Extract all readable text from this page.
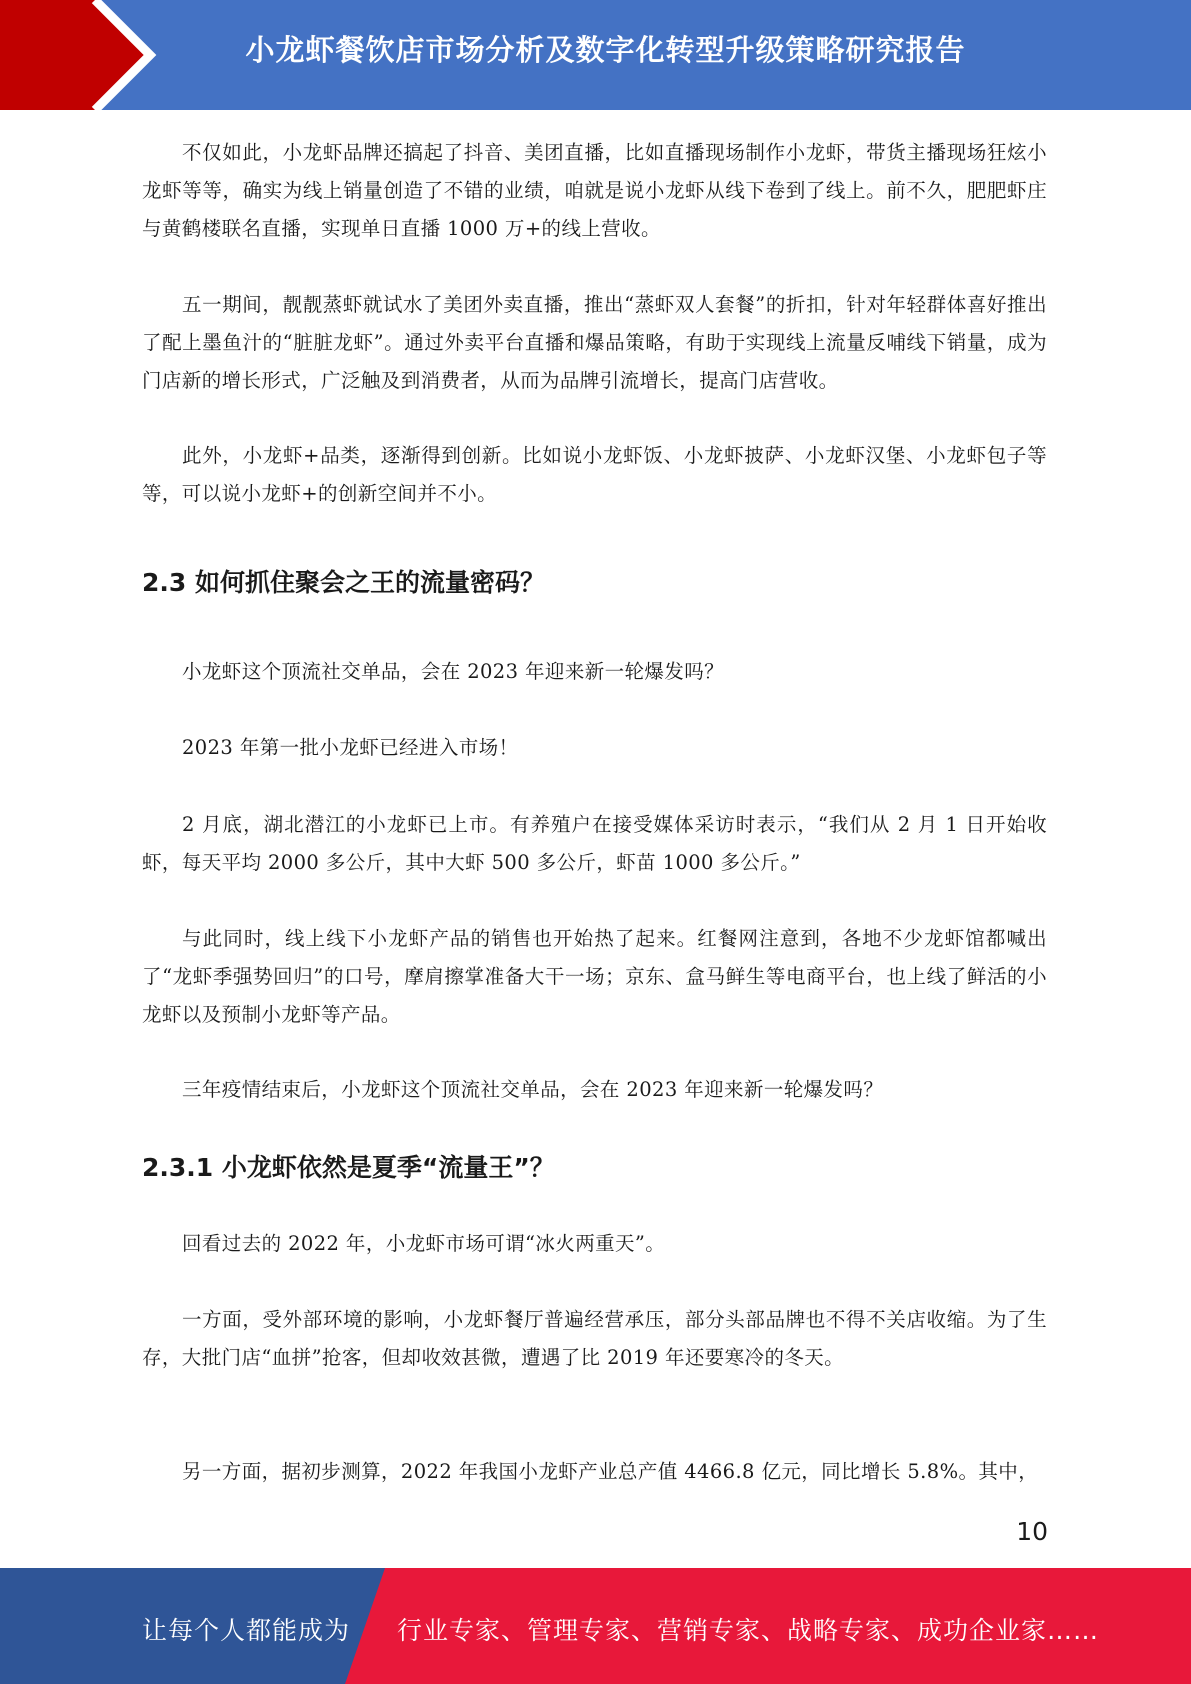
小龙虾餐饮店市场分析及数字化转型升级策略研究报告

不仅如此，小龙虾品牌还搞起了抖音、美团直播，比如直播现场制作小龙虾，带货主播现场狂炫小龙虾等等，确实为线上销量创造了不错的业绩，咱就是说小龙虾从线下卷到了线上。前不久，肥肥虾庄与黄鹤楼联名直播，实现单日直播 1000 万+的线上营收。

五一期间，靓靓蒸虾就试水了美团外卖直播，推出“蒸虾双人套餐”的折扣，针对年轻群体喜好推出了配上墨鱼汁的“脏脏龙虾”。通过外卖平台直播和爆品策略，有助于实现线上流量反哺线下销量，成为门店新的增长形式，广泛触及到消费者，从而为品牌引流增长，提高门店营收。

此外，小龙虾+品类，逐渐得到创新。比如说小龙虾饭、小龙虾披萨、小龙虾汉堡、小龙虾包子等等，可以说小龙虾+的创新空间并不小。

2.3 如何抓住聚会之王的流量密码？

小龙虾这个顶流社交单品，会在 2023 年迎来新一轮爆发吗？

2023 年第一批小龙虾已经进入市场！

2 月底，湖北潜江的小龙虾已上市。有养殖户在接受媒体采访时表示，“我们从 2 月 1 日开始收虾，每天平均 2000 多公斤，其中大虾 500 多公斤，虾苗 1000 多公斤。”

与此同时，线上线下小龙虾产品的销售也开始热了起来。红餐网注意到，各地不少龙虾馆都喊出了“龙虾季强势回归”的口号，摩肩擦掌准备大干一场；京东、盒马鲜生等电商平台，也上线了鲜活的小龙虾以及预制小龙虾等产品。

三年疫情结束后，小龙虾这个顶流社交单品，会在 2023 年迎来新一轮爆发吗？

2.3.1 小龙虾依然是夏季“流量王”？

回看过去的 2022 年，小龙虾市场可谓“冰火两重天”。

一方面，受外部环境的影响，小龙虾餐厅普遍经营承压，部分头部品牌也不得不关店收缩。为了生存，大批门店“血拼”抢客，但却收效甚微，遭遇了比 2019 年还要寒冷的冬天。

另一方面，据初步测算，2022 年我国小龙虾产业总产值 4466.8 亿元，同比增长 5.8%。其中，

10
让每个人都能成为 行业专家、管理专家、营销专家、战略专家、成功企业家……
